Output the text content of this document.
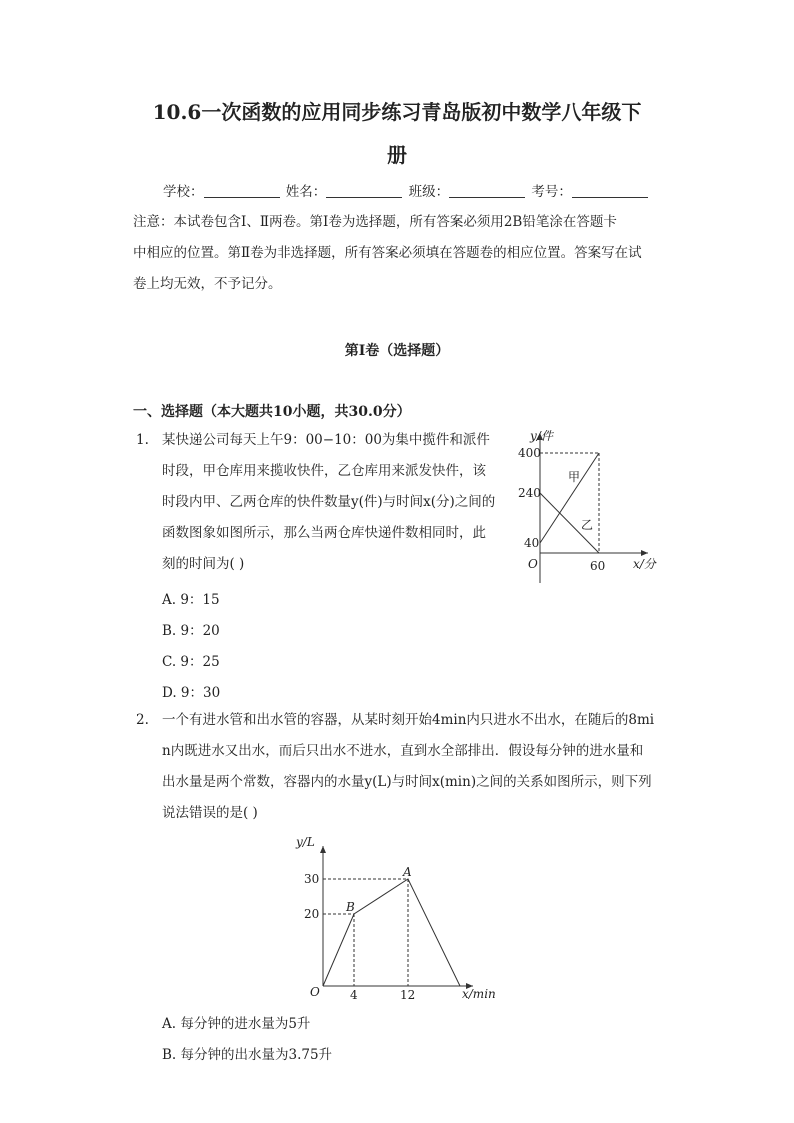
10.6一次函数的应用同步练习青岛版初中数学八年级下
册
学校：	姓名：	班级：	考号：
注意：本试卷包含Ⅰ、Ⅱ两卷。第Ⅰ卷为选择题，所有答案必须用2B铅笔涂在答题卡
中相应的位置。第Ⅱ卷为非选择题，所有答案必须填在答题卷的相应位置。答案写在试
卷上均无效，不予记分。
第Ⅰ卷（选择题）
一、选择题（本大题共10小题，共30.0分）
1. 某快递公司每天上午9：00−10：00为集中揽件和派件
时段，甲仓库用来揽收快件，乙仓库用来派发快件，该
时段内甲、乙两仓库的快件数量y(件)与时间x(分)之间的
函数图象如图所示，那么当两仓库快递件数相同时，此
刻的时间为( )
A. 9：15
B. 9：20
C. 9：25
D. 9：30
y/件
400
240
40
O	60 x/分
甲
乙
2. 一个有进水管和出水管的容器，从某时刻开始4min内只进水不出水，在随后的8mi
n内既进水又出水，而后只出水不进水，直到水全部排出．假设每分钟的进水量和
出水量是两个常数，容器内的水量y(L)与时间x(min)之间的关系如图所示，则下列
说法错误的是( )
y/L
30
20
O	4	12	x/min
A
B
A. 每分钟的进水量为5升
B. 每分钟的出水量为3.75升
